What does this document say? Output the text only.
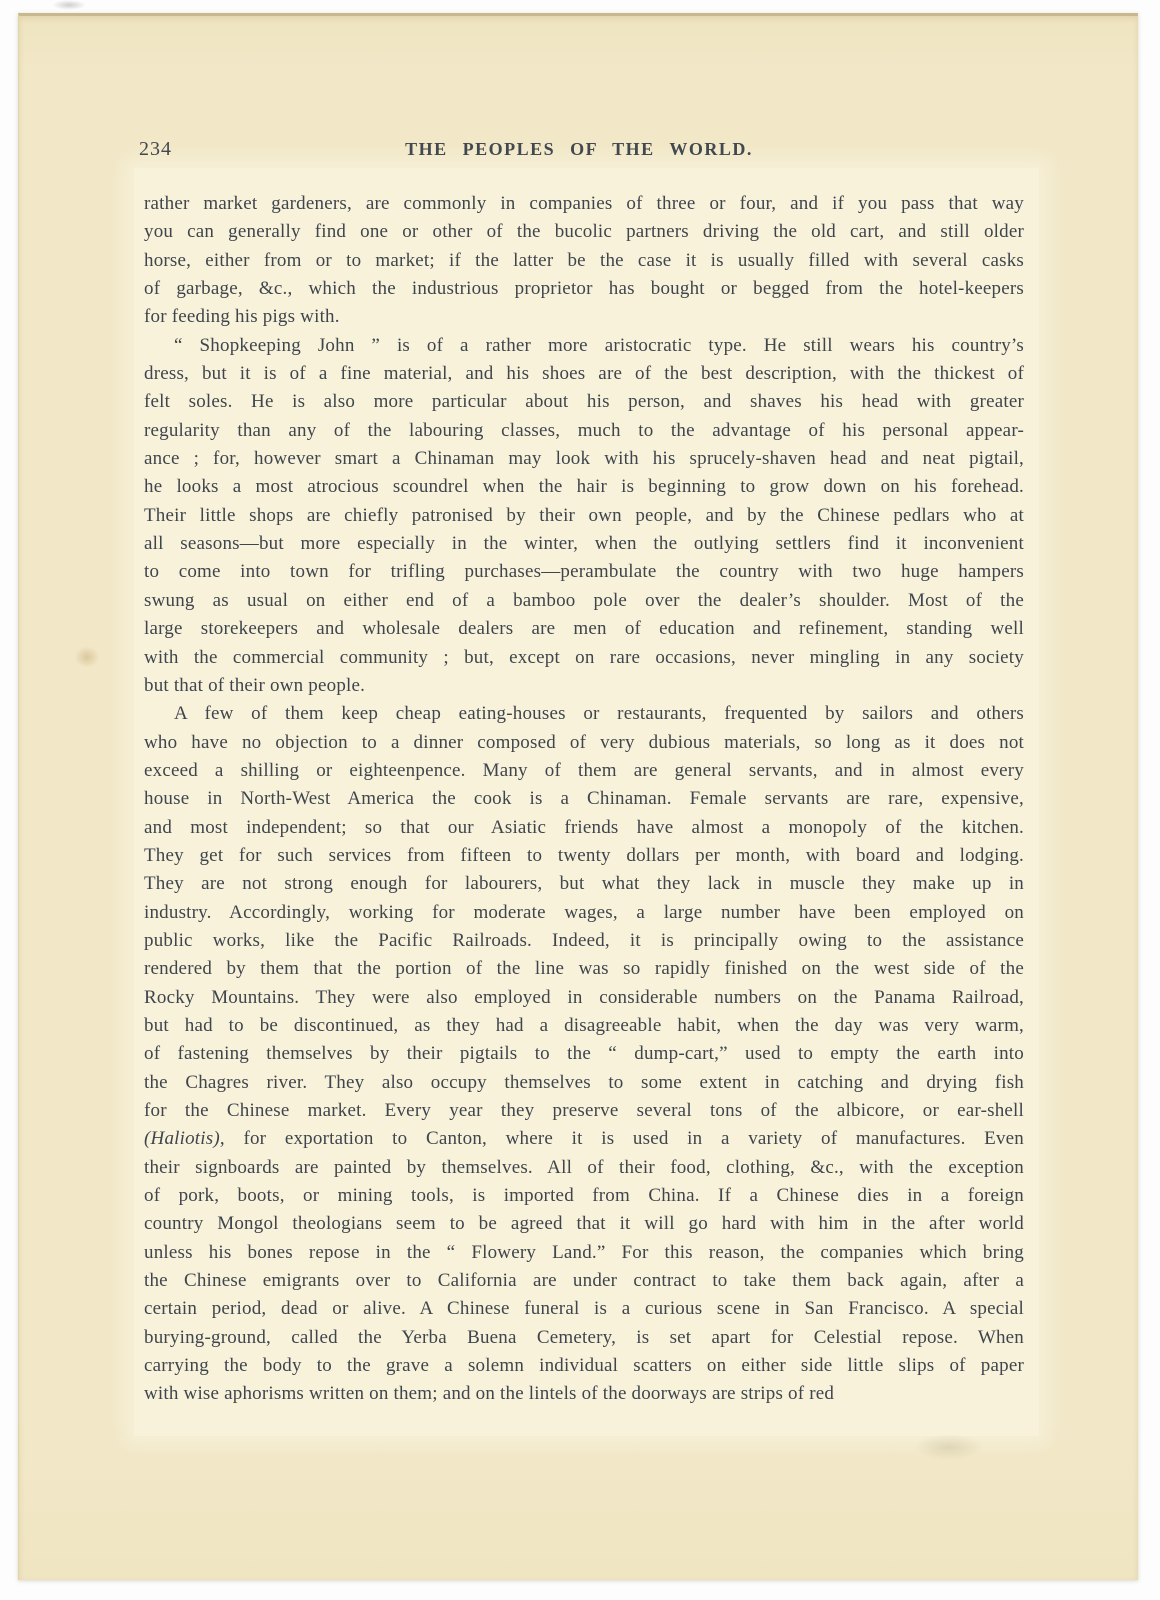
234	THE PEOPLES OF THE WORLD.
rather market gardeners, are commonly in companies of three or four, and if you pass that way
you can generally find one or other of the bucolic partners driving the old cart, and still older
horse, either from or to market; if the latter be the case it is usually filled with several casks
of garbage, &c., which the industrious proprietor has bought or begged from the hotel-keepers
for feeding his pigs with.
“ Shopkeeping John ” is of a rather more aristocratic type. He still wears his country’s
dress, but it is of a fine material, and his shoes are of the best description, with the thickest of
felt soles. He is also more particular about his person, and shaves his head with greater
regularity than any of the labouring classes, much to the advantage of his personal appear-
ance ; for, however smart a Chinaman may look with his sprucely-shaven head and neat pigtail,
he looks a most atrocious scoundrel when the hair is beginning to grow down on his forehead.
Their little shops are chiefly patronised by their own people, and by the Chinese pedlars who at
all seasons—but more especially in the winter, when the outlying settlers find it inconvenient
to come into town for trifling purchases—perambulate the country with two huge hampers
swung as usual on either end of a bamboo pole over the dealer’s shoulder. Most of the
large storekeepers and wholesale dealers are men of education and refinement, standing well
with the commercial community ; but, except on rare occasions, never mingling in any society
but that of their own people.
A few of them keep cheap eating-houses or restaurants, frequented by sailors and others
who have no objection to a dinner composed of very dubious materials, so long as it does not
exceed a shilling or eighteenpence. Many of them are general servants, and in almost every
house in North-West America the cook is a Chinaman. Female servants are rare, expensive,
and most independent; so that our Asiatic friends have almost a monopoly of the kitchen.
They get for such services from fifteen to twenty dollars per month, with board and lodging.
They are not strong enough for labourers, but what they lack in muscle they make up in
industry. Accordingly, working for moderate wages, a large number have been employed on
public works, like the Pacific Railroads. Indeed, it is principally owing to the assistance
rendered by them that the portion of the line was so rapidly finished on the west side of the
Rocky Mountains. They were also employed in considerable numbers on the Panama Railroad,
but had to be discontinued, as they had a disagreeable habit, when the day was very warm,
of fastening themselves by their pigtails to the “ dump-cart,” used to empty the earth into
the Chagres river. They also occupy themselves to some extent in catching and drying fish
for the Chinese market. Every year they preserve several tons of the albicore, or ear-shell
(Haliotis), for exportation to Canton, where it is used in a variety of manufactures. Even
their signboards are painted by themselves. All of their food, clothing, &c., with the exception
of pork, boots, or mining tools, is imported from China. If a Chinese dies in a foreign
country Mongol theologians seem to be agreed that it will go hard with him in the after world
unless his bones repose in the “ Flowery Land.” For this reason, the companies which bring
the Chinese emigrants over to California are under contract to take them back again, after a
certain period, dead or alive. A Chinese funeral is a curious scene in San Francisco. A special
burying-ground, called the Yerba Buena Cemetery, is set apart for Celestial repose. When
carrying the body to the grave a solemn individual scatters on either side little slips of paper
with wise aphorisms written on them; and on the lintels of the doorways are strips of red
